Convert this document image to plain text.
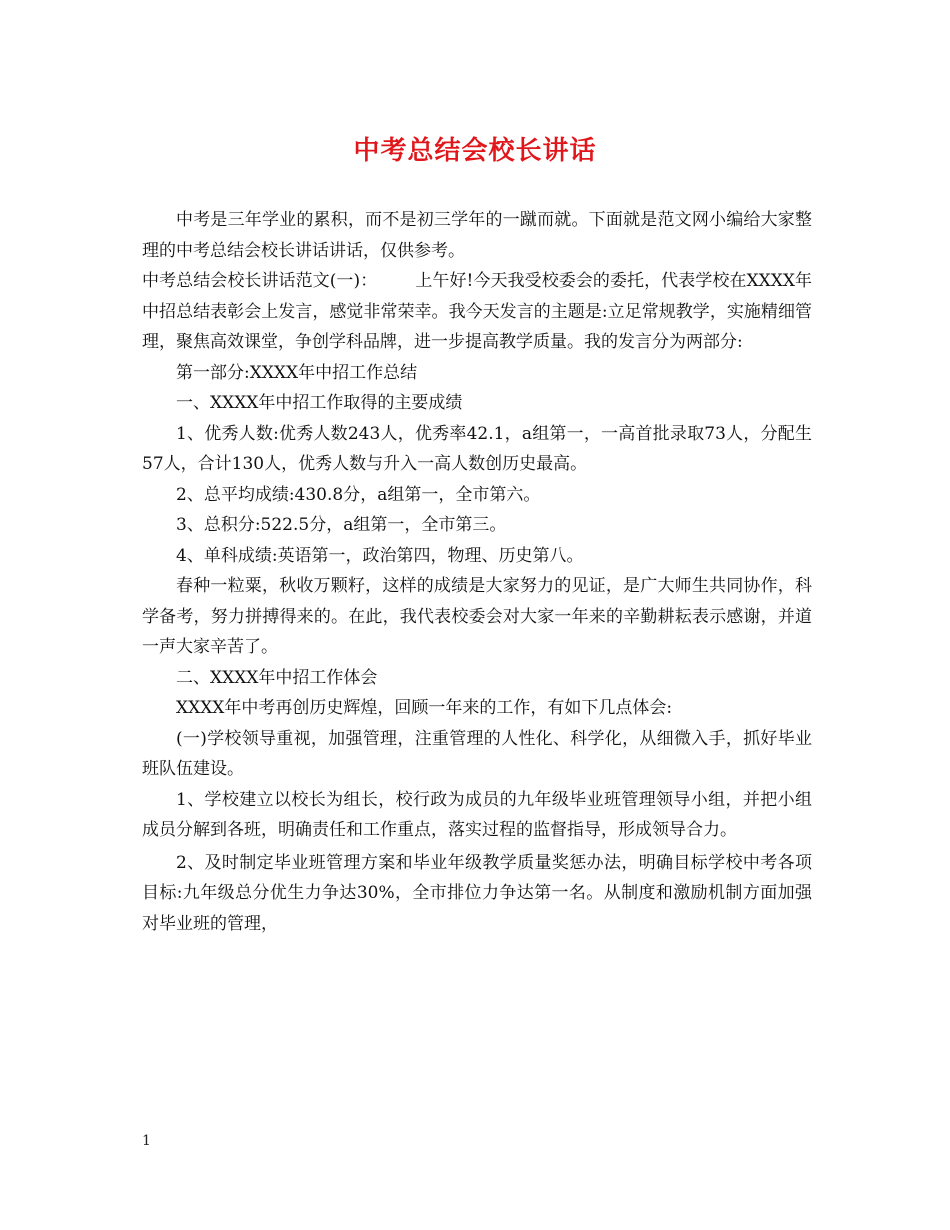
中考总结会校长讲话

中考是三年学业的累积，而不是初三学年的一蹴而就。下面就是范文网小编给大家整理的中考总结会校长讲话讲话，仅供参考。

中考总结会校长讲话范文(一)： 上午好!今天我受校委会的委托，代表学校在XXXX年中招总结表彰会上发言，感觉非常荣幸。我今天发言的主题是:立足常规教学，实施精细管理，聚焦高效课堂，争创学科品牌，进一步提高教学质量。我的发言分为两部分:

第一部分:XXXX年中招工作总结

一、XXXX年中招工作取得的主要成绩

1、优秀人数:优秀人数243人，优秀率42.1，a组第一，一高首批录取73人，分配生57人，合计130人，优秀人数与升入一高人数创历史最高。

2、总平均成绩:430.8分，a组第一，全市第六。

3、总积分:522.5分，a组第一，全市第三。

4、单科成绩:英语第一，政治第四，物理、历史第八。

春种一粒粟，秋收万颗籽，这样的成绩是大家努力的见证，是广大师生共同协作，科学备考，努力拼搏得来的。在此，我代表校委会对大家一年来的辛勤耕耘表示感谢，并道一声大家辛苦了。

二、XXXX年中招工作体会

XXXX年中考再创历史辉煌，回顾一年来的工作，有如下几点体会:

(一)学校领导重视，加强管理，注重管理的人性化、科学化，从细微入手，抓好毕业班队伍建设。

1、学校建立以校长为组长，校行政为成员的九年级毕业班管理领导小组，并把小组成员分解到各班，明确责任和工作重点，落实过程的监督指导，形成领导合力。

2、及时制定毕业班管理方案和毕业年级教学质量奖惩办法，明确目标学校中考各项目标:九年级总分优生力争达30%，全市排位力争达第一名。从制度和激励机制方面加强对毕业班的管理，

1
